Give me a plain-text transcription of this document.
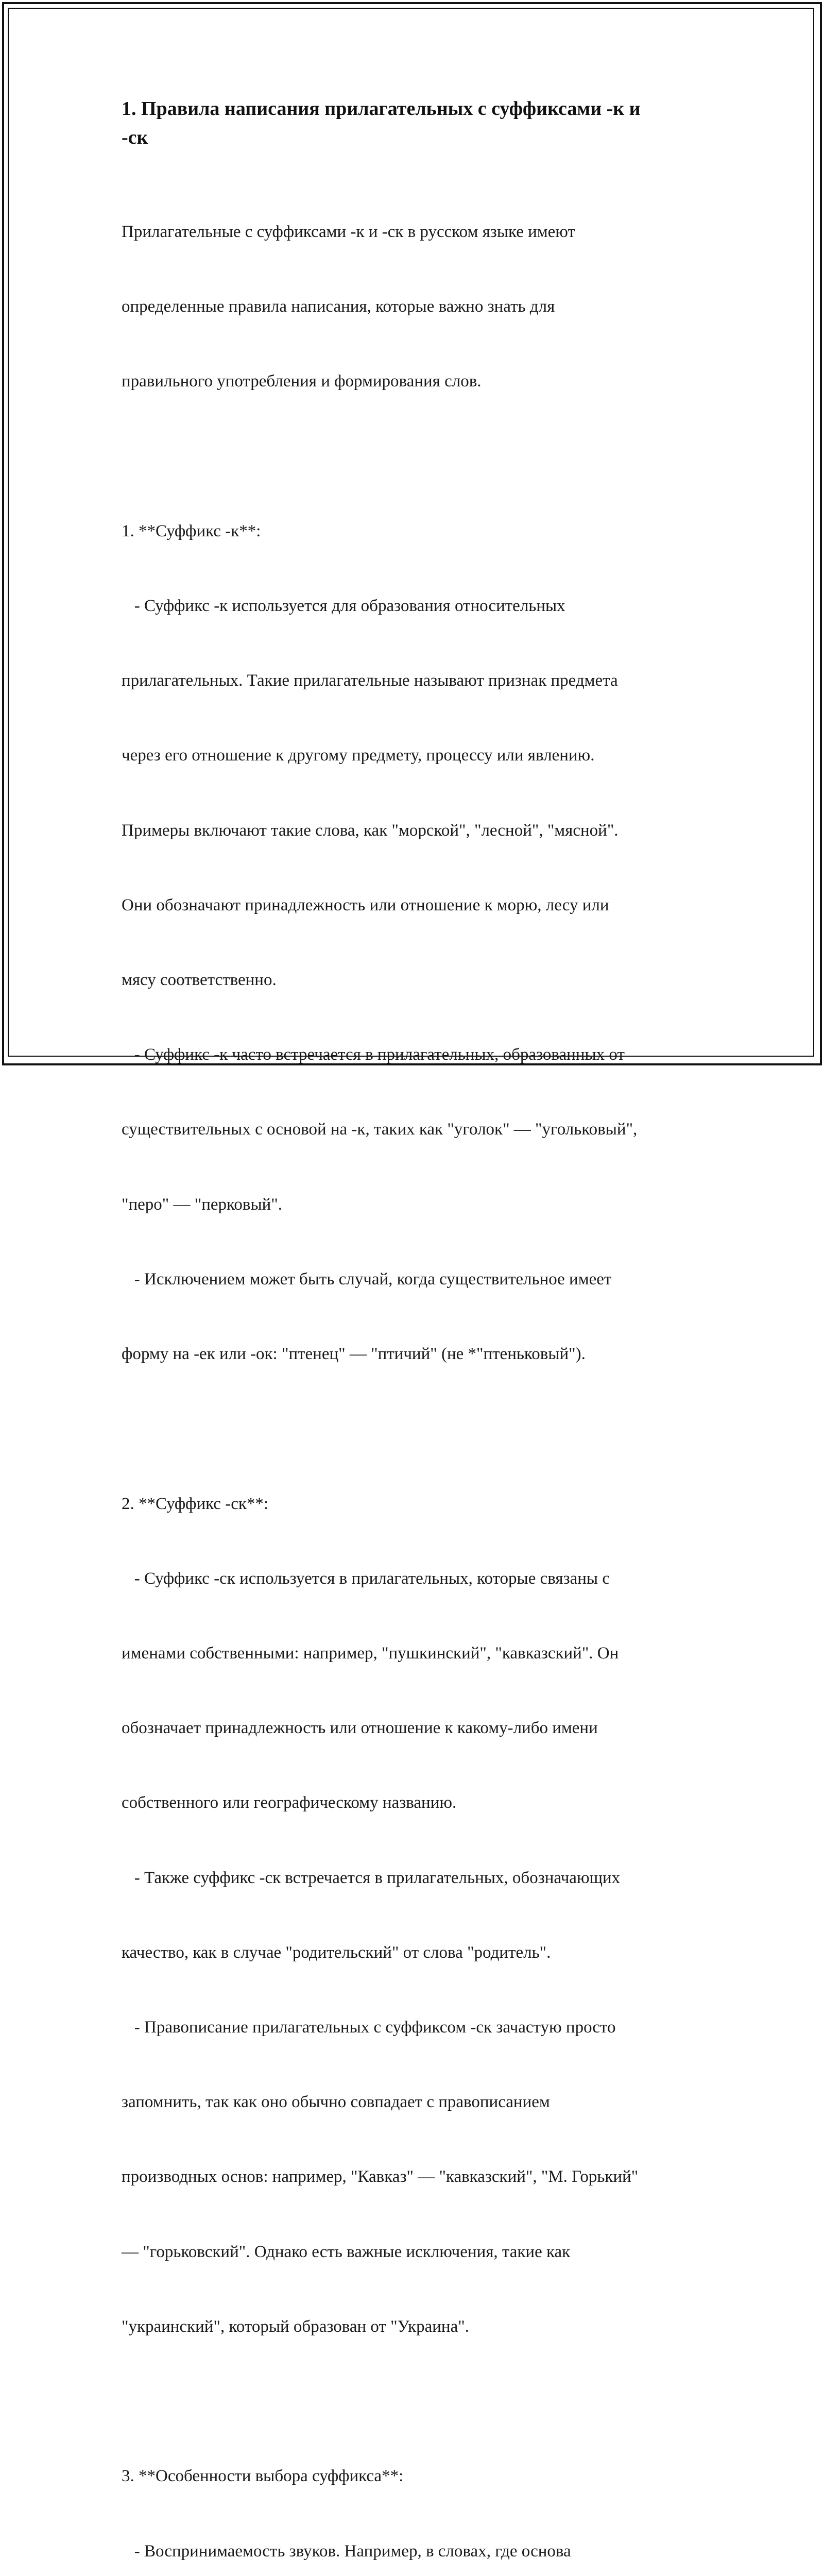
1. Правила написания прилагательных с суффиксами -к и
-ск

Прилагательные с суффиксами -к и -ск в русском языке имеют

определенные правила написания, которые важно знать для

правильного употребления и формирования слов.

1. **Суффикс -к**:

- Суффикс -к используется для образования относительных

прилагательных. Такие прилагательные называют признак предмета

через его отношение к другому предмету, процессу или явлению.

Примеры включают такие слова, как "морской", "лесной", "мясной".

Они обозначают принадлежность или отношение к морю, лесу или

мясу соответственно.

- Суффикс -к часто встречается в прилагательных, образованных от

существительных с основой на -к, таких как "уголок" — "угольковый",

"перо" — "перковый".

- Исключением может быть случай, когда существительное имеет

форму на -ек или -ок: "птенец" — "птичий" (не *"птеньковый").

2. **Суффикс -ск**:

- Суффикс -ск используется в прилагательных, которые связаны с

именами собственными: например, "пушкинский", "кавказский". Он

обозначает принадлежность или отношение к какому-либо имени

собственного или географическому названию.

- Также суффикс -ск встречается в прилагательных, обозначающих

качество, как в случае "родительский" от слова "родитель".

- Правописание прилагательных с суффиксом -ск зачастую просто

запомнить, так как оно обычно совпадает с правописанием

производных основ: например, "Кавказ" — "кавказский", "М. Горький"

— "горьковский". Однако есть важные исключения, такие как

"украинский", который образован от "Украина".

3. **Особенности выбора суффикса**:

- Воспринимаемость звуков. Например, в словах, где основа
